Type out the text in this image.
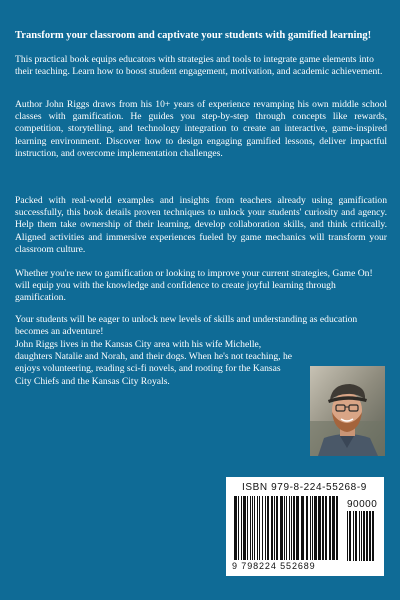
Transform your classroom and captivate your students with gamified learning!

This practical book equips educators with strategies and tools to integrate game elements into their teaching. Learn how to boost student engagement, motivation, and academic achievement.

Author John Riggs draws from his 10+ years of experience revamping his own middle school classes with gamification. He guides you step-by-step through concepts like rewards, competition, storytelling, and technology integration to create an interactive, game-inspired learning environment. Discover how to design engaging gamified lessons, deliver impactful instruction, and overcome implementation challenges.

Packed with real-world examples and insights from teachers already using gamification successfully, this book details proven techniques to unlock your students' curiosity and agency. Help them take ownership of their learning, develop collaboration skills, and think critically. Aligned activities and immersive experiences fueled by game mechanics will transform your classroom culture.

Whether you're new to gamification or looking to improve your current strategies, Game On! will equip you with the knowledge and confidence to create joyful learning through gamification.

Your students will be eager to unlock new levels of skills and understanding as education becomes an adventure!

John Riggs lives in the Kansas City area with his wife Michelle, daughters Natalie and Norah, and their dogs. When he's not teaching, he enjoys volunteering, reading sci-fi novels, and rooting for the Kansas City Chiefs and the Kansas City Royals.

ISBN 979-8-224-55268-9
90000
9 798224 552689
